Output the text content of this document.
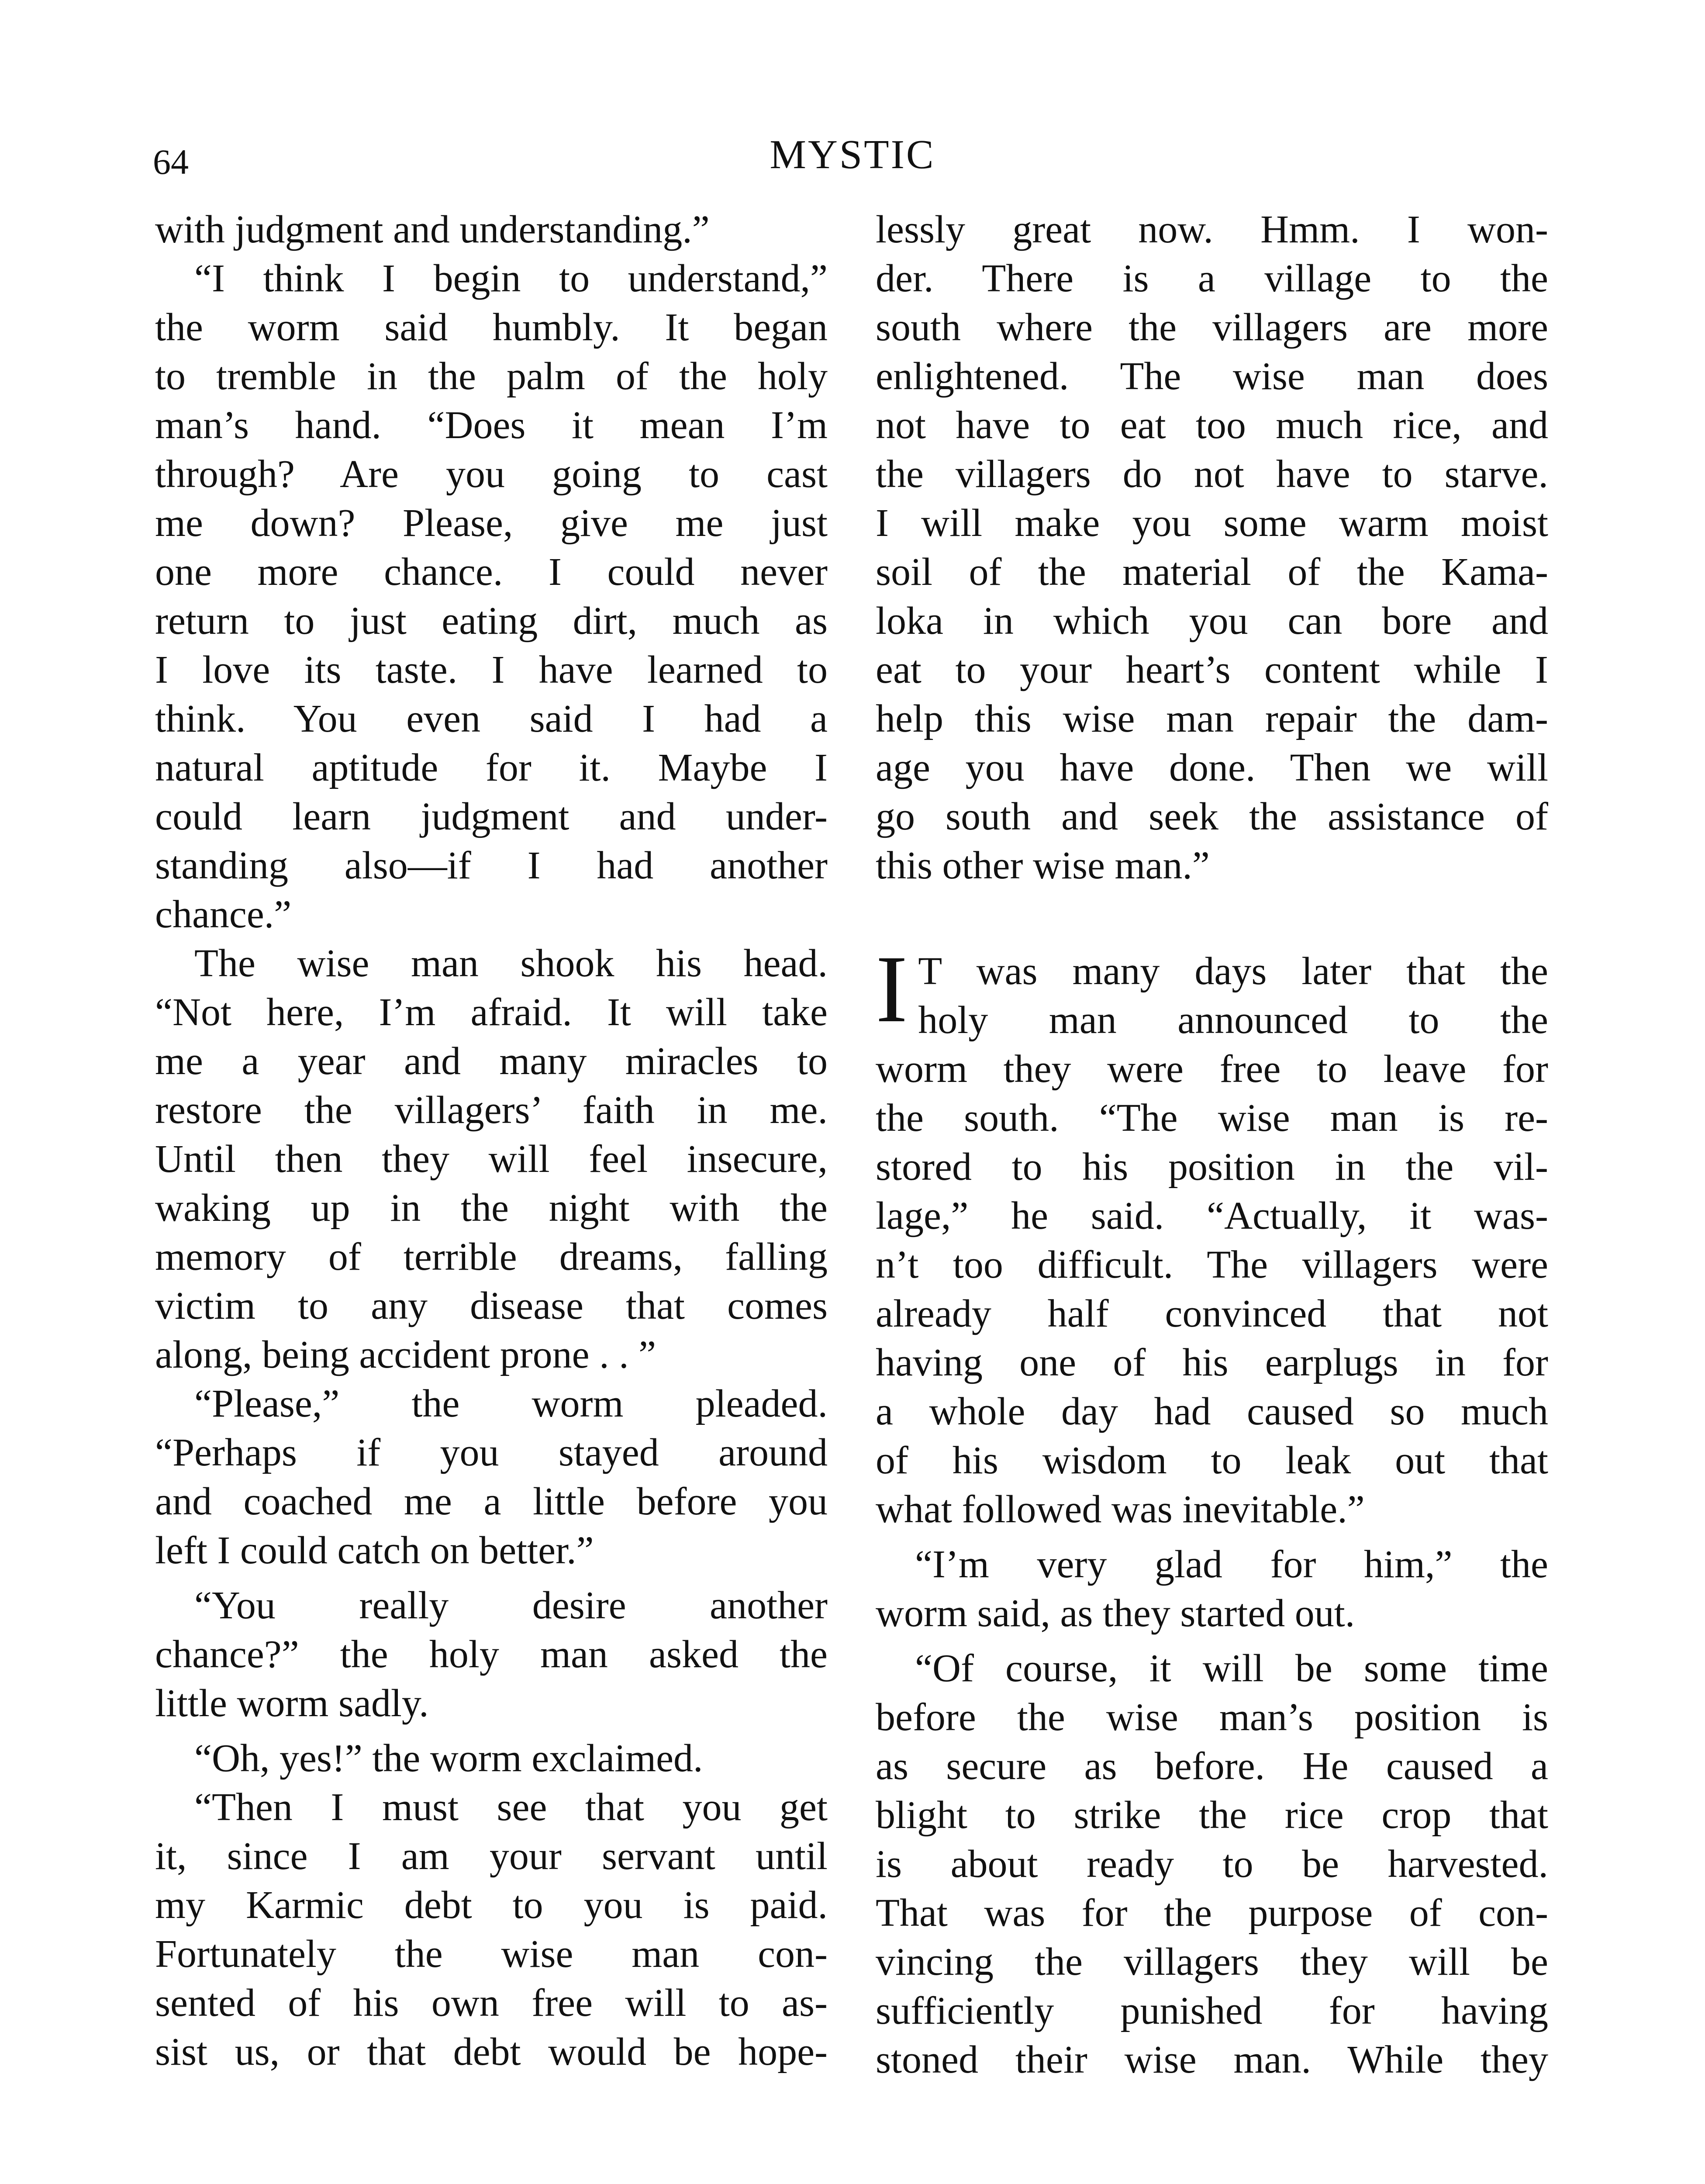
64	MYSTIC
with judgment and understanding.”
“I think I begin to understand,”
the worm said humbly. It began
to tremble in the palm of the holy
man’s hand. “Does it mean I’m
through? Are you going to cast
me down? Please, give me just
one more chance. I could never
return to just eating dirt, much as
I love its taste. I have learned to
think. You even said I had a
natural aptitude for it. Maybe I
could learn judgment and under-
standing also—if I had another
chance.”
The wise man shook his head.
“Not here, I’m afraid. It will take
me a year and many miracles to
restore the villagers’ faith in me.
Until then they will feel insecure,
waking up in the night with the
memory of terrible dreams, falling
victim to any disease that comes
along, being accident prone . . ”
“Please,” the worm pleaded.
“Perhaps if you stayed around
and coached me a little before you
left I could catch on better.”
“You really desire another
chance?” the holy man asked the
little worm sadly.
“Oh, yes!” the worm exclaimed.
“Then I must see that you get
it, since I am your servant until
my Karmic debt to you is paid.
Fortunately the wise man con-
sented of his own free will to as-
sist us, or that debt would be hope-
lessly great now. Hmm. I won-
der. There is a village to the
south where the villagers are more
enlightened. The wise man does
not have to eat too much rice, and
the villagers do not have to starve.
I will make you some warm moist
soil of the material of the Kama-
loka in which you can bore and
eat to your heart’s content while I
help this wise man repair the dam-
age you have done. Then we will
go south and seek the assistance of
this other wise man.”
I T was many days later that the
holy man announced to the
worm they were free to leave for
the south. “The wise man is re-
stored to his position in the vil-
lage,” he said. “Actually, it was-
n’t too difficult. The villagers were
already half convinced that not
having one of his earplugs in for
a whole day had caused so much
of his wisdom to leak out that
what followed was inevitable.”
“I’m very glad for him,” the
worm said, as they started out.
“Of course, it will be some time
before the wise man’s position is
as secure as before. He caused a
blight to strike the rice crop that
is about ready to be harvested.
That was for the purpose of con-
vincing the villagers they will be
sufficiently punished for having
stoned their wise man. While they
